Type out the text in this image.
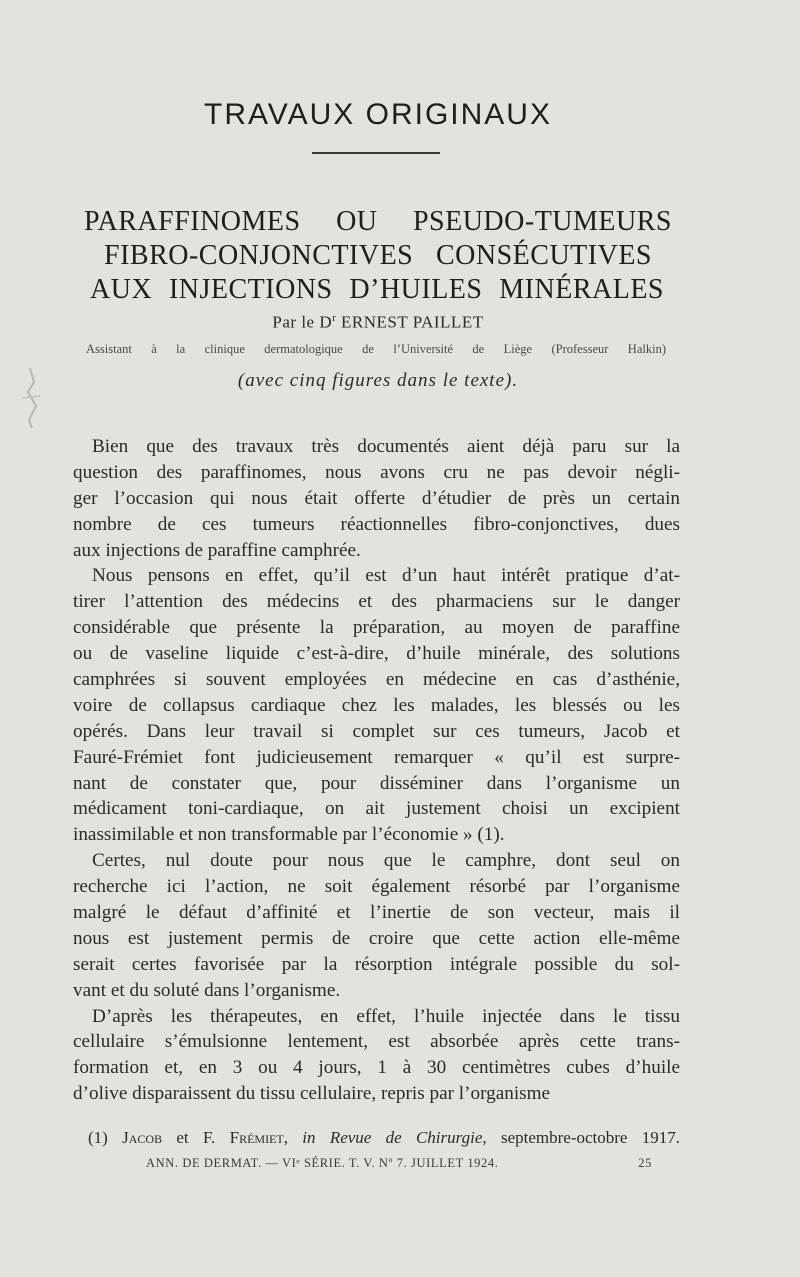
TRAVAUX ORIGINAUX
PARAFFINOMES OU PSEUDO-TUMEURS
FIBRO-CONJONCTIVES CONSÉCUTIVES
AUX INJECTIONS D’HUILES MINÉRALES
Par le $D^r$ ERNEST PAILLET
Assistant à la clinique dermatologique de l’Université de Liège (Professeur Halkin)
(avec cinq figures dans le texte).
Bien que des travaux très documentés aient déjà paru sur la
question des paraffinomes, nous avons cru ne pas devoir négli-
ger l’occasion qui nous était offerte d’étudier de près un certain
nombre de ces tumeurs réactionnelles fibro-conjonctives, dues
aux injections de paraffine camphrée.
Nous pensons en effet, qu’il est d’un haut intérêt pratique d’at-
tirer l’attention des médecins et des pharmaciens sur le danger
considérable que présente la préparation, au moyen de paraffine
ou de vaseline liquide c’est-à-dire, d’huile minérale, des solutions
camphrées si souvent employées en médecine en cas d’asthénie,
voire de collapsus cardiaque chez les malades, les blessés ou les
opérés. Dans leur travail si complet sur ces tumeurs, Jacob et
Fauré-Frémiet font judicieusement remarquer « qu’il est surpre-
nant de constater que, pour disséminer dans l’organisme un
médicament toni-cardiaque, on ait justement choisi un excipient
inassimilable et non transformable par l’économie » (1).
Certes, nul doute pour nous que le camphre, dont seul on
recherche ici l’action, ne soit également résorbé par l’organisme
malgré le défaut d’affinité et l’inertie de son vecteur, mais il
nous est justement permis de croire que cette action elle-même
serait certes favorisée par la résorption intégrale possible du sol-
vant et du soluté dans l’organisme.
D’après les thérapeutes, en effet, l’huile injectée dans le tissu
cellulaire s’émulsionne lentement, est absorbée après cette trans-
formation et, en 3 ou 4 jours, 1 à 30 centimètres cubes d’huile
d’olive disparaissent du tissu cellulaire, repris par l’organisme
(1) Jacob et F. Frémiet, in Revue de Chirurgie, septembre-octobre 1917.
ANN. DE DERMAT. — VIᵉ SÉRIE. T. V. Nº 7. JUILLET 1924.	25
